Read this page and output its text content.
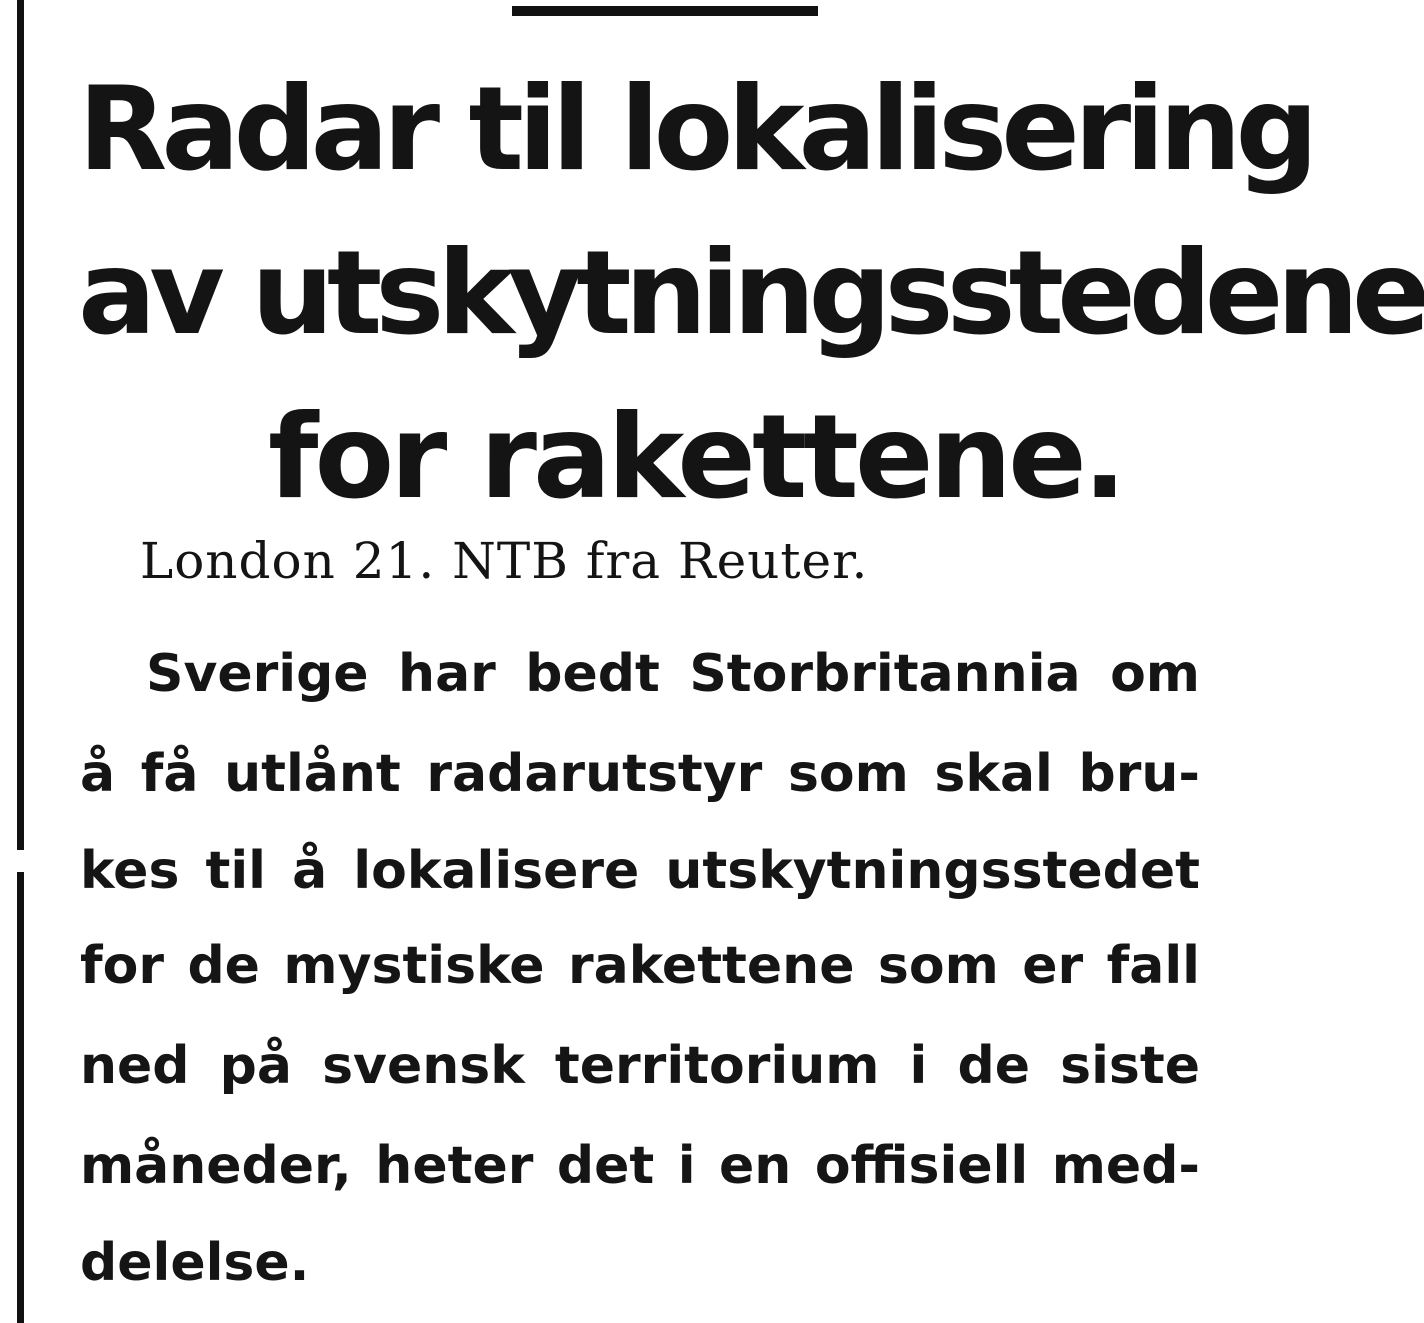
Radar til lokalisering
av utskytningsstedene
for rakettene.
London 21. NTB fra Reuter.
Sverige har bedt Storbritannia om
å få utlånt radarutstyr som skal bru-
kes til å lokalisere utskytningsstedet
for de mystiske rakettene som er fall
ned på svensk territorium i de siste
måneder, heter det i en offisiell med-
delelse.
